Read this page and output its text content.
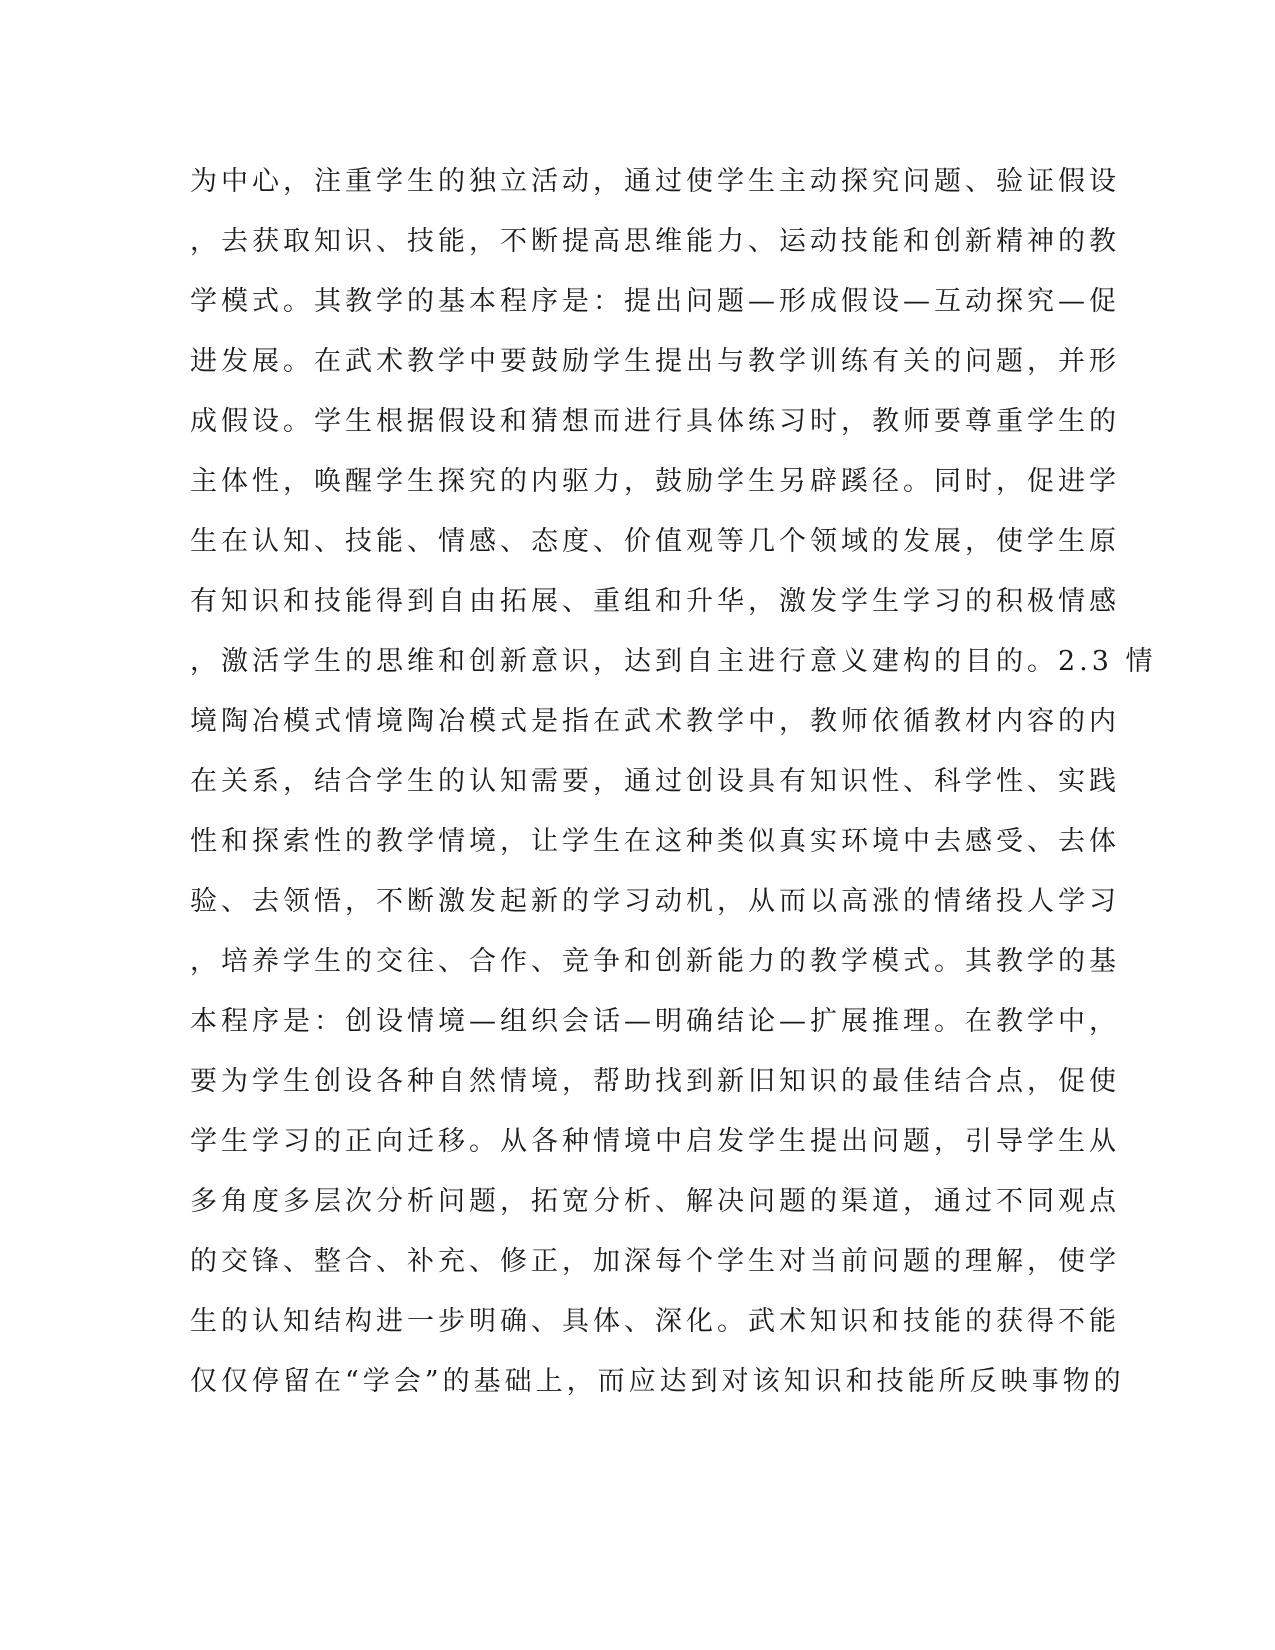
为中心，注重学生的独立活动，通过使学生主动探究问题、验证假设
，去获取知识、技能，不断提高思维能力、运动技能和创新精神的教
学模式。其教学的基本程序是：提出问题—形成假设—互动探究—促
进发展。在武术教学中要鼓励学生提出与教学训练有关的问题，并形
成假设。学生根据假设和猜想而进行具体练习时，教师要尊重学生的
主体性，唤醒学生探究的内驱力，鼓励学生另辟蹊径。同时，促进学
生在认知、技能、情感、态度、价值观等几个领域的发展，使学生原
有知识和技能得到自由拓展、重组和升华，激发学生学习的积极情感
，激活学生的思维和创新意识，达到自主进行意义建构的目的。2.3 情
境陶冶模式情境陶冶模式是指在武术教学中，教师依循教材内容的内
在关系，结合学生的认知需要，通过创设具有知识性、科学性、实践
性和探索性的教学情境，让学生在这种类似真实环境中去感受、去体
验、去领悟，不断激发起新的学习动机，从而以高涨的情绪投人学习
，培养学生的交往、合作、竞争和创新能力的教学模式。其教学的基
本程序是：创设情境—组织会话—明确结论—扩展推理。在教学中，
要为学生创设各种自然情境，帮助找到新旧知识的最佳结合点，促使
学生学习的正向迁移。从各种情境中启发学生提出问题，引导学生从
多角度多层次分析问题，拓宽分析、解决问题的渠道，通过不同观点
的交锋、整合、补充、修正，加深每个学生对当前问题的理解，使学
生的认知结构进一步明确、具体、深化。武术知识和技能的获得不能
仅仅停留在“学会”的基础上，而应达到对该知识和技能所反映事物的
